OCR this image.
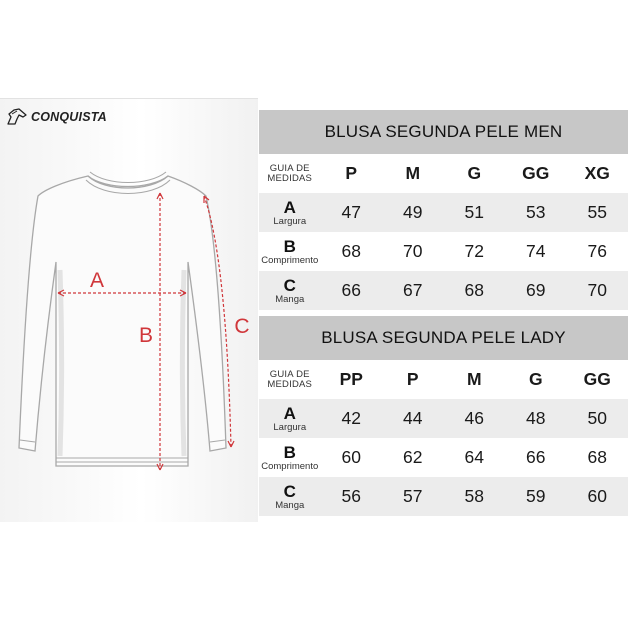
CONQUISTA
A
B	C
BLUSA SEGUNDA PELE MEN
GUIA DE
MEDIDAS	P	M	G	GG	XG
A
Largura	47	49	51	53	55
B
Comprimento	68	70	72	74	76
C
Manga	66	67	68	69	70
BLUSA SEGUNDA PELE LADY
GUIA DE
MEDIDAS	PP	P	M	G	GG
A
Largura	42	44	46	48	50
B
Comprimento	60	62	64	66	68
C
Manga	56	57	58	59	60
